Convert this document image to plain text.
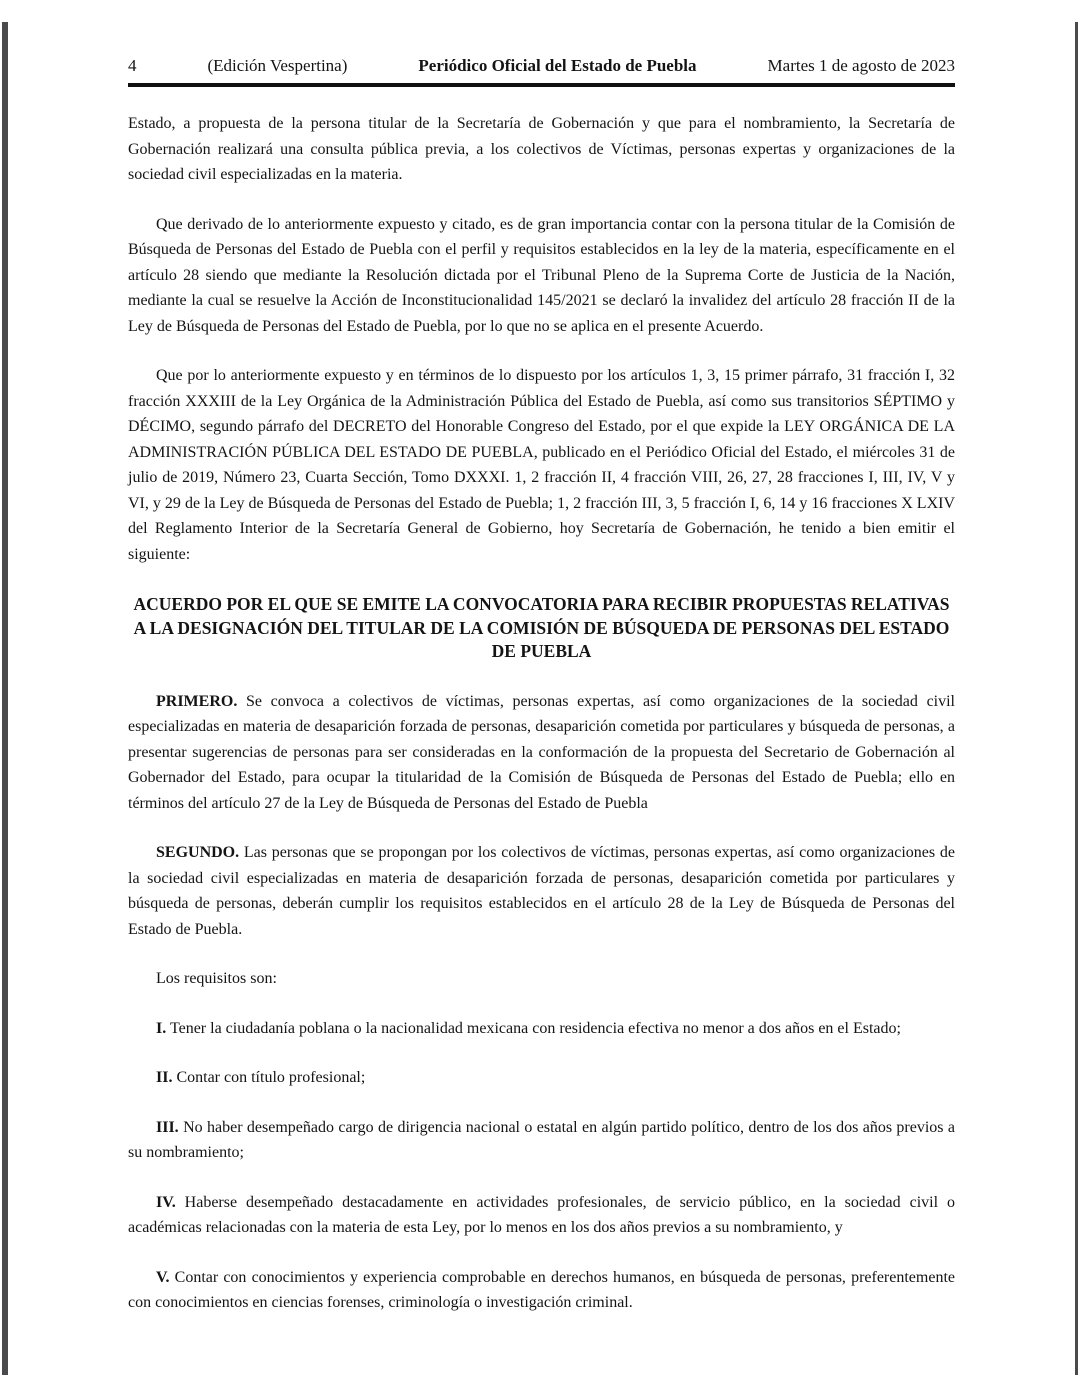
4	(Edición Vespertina)	Periódico Oficial del Estado de Puebla	Martes 1 de agosto de 2023

Estado, a propuesta de la persona titular de la Secretaría de Gobernación y que para el nombramiento, la Secretaría de Gobernación realizará una consulta pública previa, a los colectivos de Víctimas, personas expertas y organizaciones de la sociedad civil especializadas en la materia.

Que derivado de lo anteriormente expuesto y citado, es de gran importancia contar con la persona titular de la Comisión de Búsqueda de Personas del Estado de Puebla con el perfil y requisitos establecidos en la ley de la materia, específicamente en el artículo 28 siendo que mediante la Resolución dictada por el Tribunal Pleno de la Suprema Corte de Justicia de la Nación, mediante la cual se resuelve la Acción de Inconstitucionalidad 145/2021 se declaró la invalidez del artículo 28 fracción II de la Ley de Búsqueda de Personas del Estado de Puebla, por lo que no se aplica en el presente Acuerdo.

Que por lo anteriormente expuesto y en términos de lo dispuesto por los artículos 1, 3, 15 primer párrafo, 31 fracción I, 32 fracción XXXIII de la Ley Orgánica de la Administración Pública del Estado de Puebla, así como sus transitorios SÉPTIMO y DÉCIMO, segundo párrafo del DECRETO del Honorable Congreso del Estado, por el que expide la LEY ORGÁNICA DE LA ADMINISTRACIÓN PÚBLICA DEL ESTADO DE PUEBLA, publicado en el Periódico Oficial del Estado, el miércoles 31 de julio de 2019, Número 23, Cuarta Sección, Tomo DXXXI. 1, 2 fracción II, 4 fracción VIII, 26, 27, 28 fracciones I, III, IV, V y VI, y 29 de la Ley de Búsqueda de Personas del Estado de Puebla; 1, 2 fracción III, 3, 5 fracción I, 6, 14 y 16 fracciones X LXIV del Reglamento Interior de la Secretaría General de Gobierno, hoy Secretaría de Gobernación, he tenido a bien emitir el siguiente:

ACUERDO POR EL QUE SE EMITE LA CONVOCATORIA PARA RECIBIR PROPUESTAS RELATIVAS A LA DESIGNACIÓN DEL TITULAR DE LA COMISIÓN DE BÚSQUEDA DE PERSONAS DEL ESTADO DE PUEBLA

PRIMERO. Se convoca a colectivos de víctimas, personas expertas, así como organizaciones de la sociedad civil especializadas en materia de desaparición forzada de personas, desaparición cometida por particulares y búsqueda de personas, a presentar sugerencias de personas para ser consideradas en la conformación de la propuesta del Secretario de Gobernación al Gobernador del Estado, para ocupar la titularidad de la Comisión de Búsqueda de Personas del Estado de Puebla; ello en términos del artículo 27 de la Ley de Búsqueda de Personas del Estado de Puebla

SEGUNDO. Las personas que se propongan por los colectivos de víctimas, personas expertas, así como organizaciones de la sociedad civil especializadas en materia de desaparición forzada de personas, desaparición cometida por particulares y búsqueda de personas, deberán cumplir los requisitos establecidos en el artículo 28 de la Ley de Búsqueda de Personas del Estado de Puebla.

Los requisitos son:

I. Tener la ciudadanía poblana o la nacionalidad mexicana con residencia efectiva no menor a dos años en el Estado;

II. Contar con título profesional;

III. No haber desempeñado cargo de dirigencia nacional o estatal en algún partido político, dentro de los dos años previos a su nombramiento;

IV. Haberse desempeñado destacadamente en actividades profesionales, de servicio público, en la sociedad civil o académicas relacionadas con la materia de esta Ley, por lo menos en los dos años previos a su nombramiento, y

V. Contar con conocimientos y experiencia comprobable en derechos humanos, en búsqueda de personas, preferentemente con conocimientos en ciencias forenses, criminología o investigación criminal.
